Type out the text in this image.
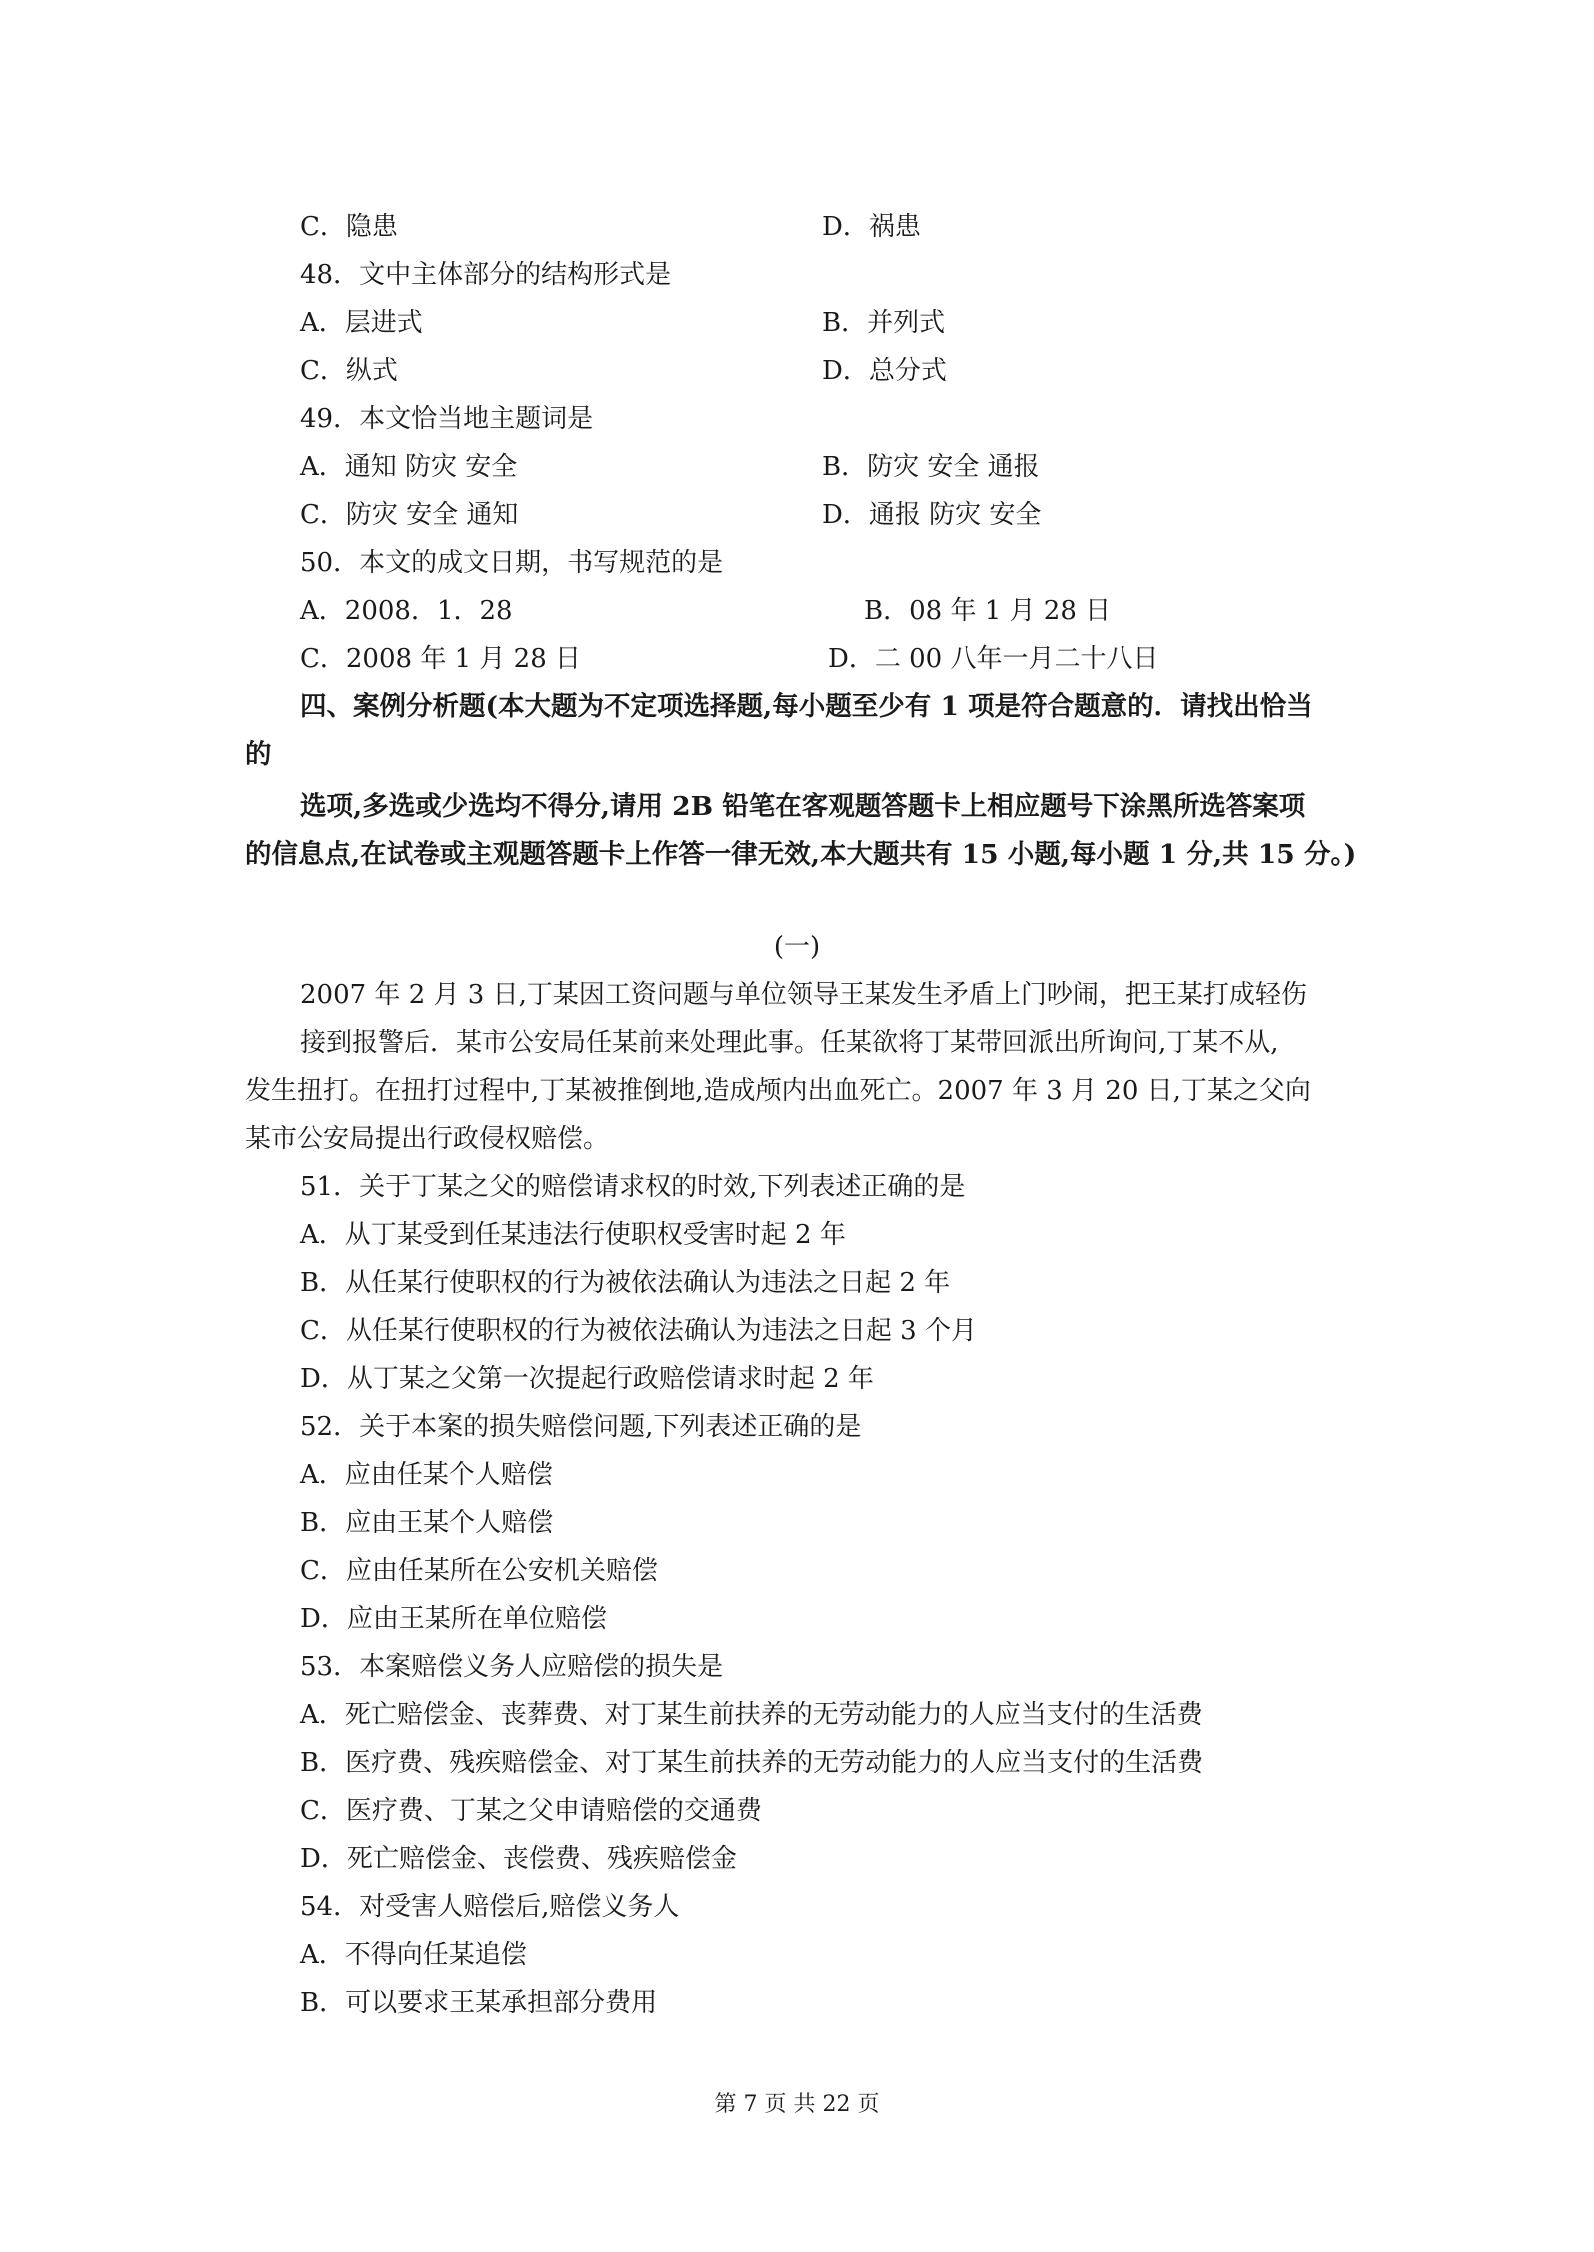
C．隐患	D．祸患
48．文中主体部分的结构形式是
A．层进式	B．并列式
C．纵式	D．总分式
49．本文恰当地主题词是
A．通知 防灾 安全	B．防灾 安全 通报
C．防灾 安全 通知	D．通报 防灾 安全
50．本文的成文日期，书写规范的是
A．2008．1．28	B．08 年 1 月 28 日
C．2008 年 1 月 28 日	D．二 00 八年一月二十八日
四、案例分析题(本大题为不定项选择题,每小题至少有 1 项是符合题意的．请找出恰当
的
选项,多选或少选均不得分,请用 2B 铅笔在客观题答题卡上相应题号下涂黑所选答案项
的信息点,在试卷或主观题答题卡上作答一律无效,本大题共有 15 小题,每小题 1 分,共 15 分。)
(一)
2007 年 2 月 3 日,丁某因工资问题与单位领导王某发生矛盾上门吵闹，把王某打成轻伤
接到报警后．某市公安局任某前来处理此事。任某欲将丁某带回派出所询问,丁某不从,
发生扭打。在扭打过程中,丁某被推倒地,造成颅内出血死亡。2007 年 3 月 20 日,丁某之父向
某市公安局提出行政侵权赔偿。
51．关于丁某之父的赔偿请求权的时效,下列表述正确的是
A．从丁某受到任某违法行使职权受害时起 2 年
B．从任某行使职权的行为被依法确认为违法之日起 2 年
C．从任某行使职权的行为被依法确认为违法之日起 3 个月
D．从丁某之父第一次提起行政赔偿请求时起 2 年
52．关于本案的损失赔偿问题,下列表述正确的是
A．应由任某个人赔偿
B．应由王某个人赔偿
C．应由任某所在公安机关赔偿
D．应由王某所在单位赔偿
53．本案赔偿义务人应赔偿的损失是
A．死亡赔偿金、丧葬费、对丁某生前扶养的无劳动能力的人应当支付的生活费
B．医疗费、残疾赔偿金、对丁某生前扶养的无劳动能力的人应当支付的生活费
C．医疗费、丁某之父申请赔偿的交通费
D．死亡赔偿金、丧偿费、残疾赔偿金
54．对受害人赔偿后,赔偿义务人
A．不得向任某追偿
B．可以要求王某承担部分费用
第 7 页 共 22 页
